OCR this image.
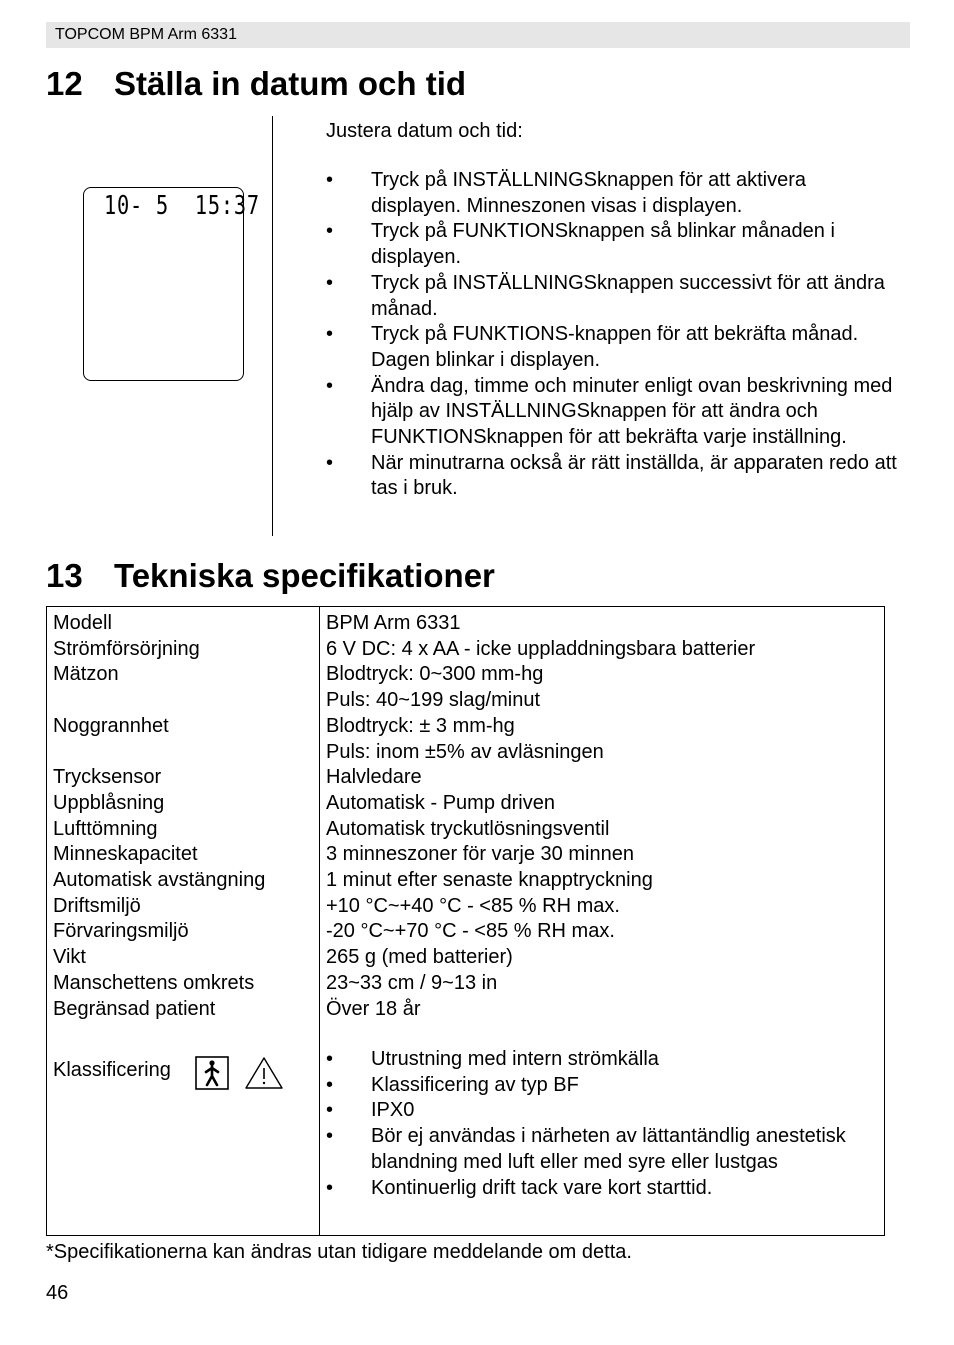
TOPCOM BPM Arm 6331
12 Ställa in datum och tid
10- 5  15:37
Justera datum och tid:
• Tryck på INSTÄLLNINGSknappen för att aktivera displayen. Minneszonen visas i displayen.
• Tryck på FUNKTIONSknappen så blinkar månaden i displayen.
• Tryck på INSTÄLLNINGSknappen successivt för att ändra månad.
• Tryck på FUNKTIONS-knappen för att bekräfta månad. Dagen blinkar i displayen.
• Ändra dag, timme och minuter enligt ovan beskrivning med hjälp av INSTÄLLNINGSknappen för att ändra och FUNKTIONSknappen för att bekräfta varje inställning.
• När minutrarna också är rätt inställda, är apparaten redo att tas i bruk.
13 Tekniska specifikationer
Modell	BPM Arm 6331
Strömförsörjning	6 V DC: 4 x AA - icke uppladdningsbara batterier
Mätzon	Blodtryck: 0~300 mm-hg
Puls: 40~199 slag/minut
Noggrannhet	Blodtryck: ± 3 mm-hg
Puls: inom ±5% av avläsningen
Trycksensor	Halvledare
Uppblåsning	Automatisk - Pump driven
Lufttömning	Automatisk tryckutlösningsventil
Minneskapacitet	3 minneszoner för varje 30 minnen
Automatisk avstängning	1 minut efter senaste knapptryckning
Driftsmiljö	+10 °C~+40 °C - <85 % RH max.
Förvaringsmiljö	-20 °C~+70 °C - <85 % RH max.
Vikt	265 g (med batterier)
Manschettens omkrets	23~33 cm / 9~13 in
Begränsad patient	Över 18 år
Klassificering	• Utrustning med intern strömkälla
• Klassificering av typ BF
• IPX0
• Bör ej användas i närheten av lättantändlig anestetisk blandning med luft eller med syre eller lustgas
• Kontinuerlig drift tack vare kort starttid.
*Specifikationerna kan ändras utan tidigare meddelande om detta.
46
